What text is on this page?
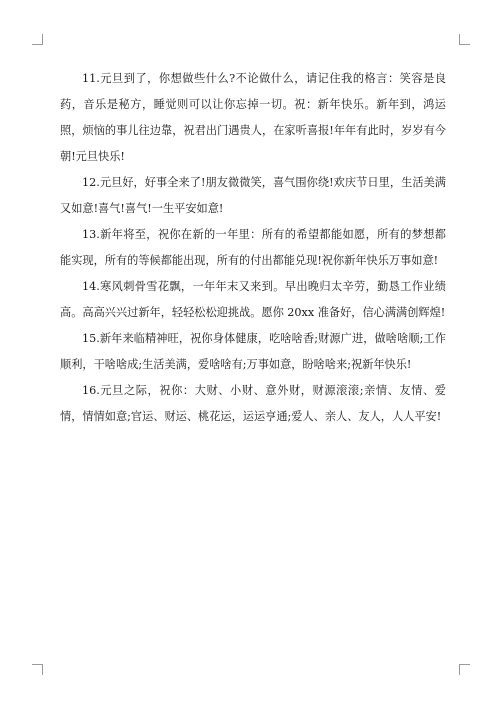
11.元旦到了，你想做些什么?不论做什么，请记住我的格言：笑容是良药，音乐是秘方，睡觉则可以让你忘掉一切。祝：新年快乐。新年到，鸿运照，烦恼的事儿往边靠，祝君出门遇贵人，在家听喜报!年年有此时，岁岁有今朝!元旦快乐!

12.元旦好，好事全来了!朋友微微笑，喜气围你绕!欢庆节日里，生活美满又如意!喜气!喜气!一生平安如意!

13.新年将至，祝你在新的一年里：所有的希望都能如愿，所有的梦想都能实现，所有的等候都能出现，所有的付出都能兑现!祝你新年快乐万事如意!

14.寒风刺骨雪花飘，一年年末又来到。早出晚归太辛劳，勤恳工作业绩高。高高兴兴过新年，轻轻松松迎挑战。愿你 20xx 准备好，信心满满创辉煌!

15.新年来临精神旺，祝你身体健康，吃啥啥香;财源广进，做啥啥顺;工作顺利，干啥啥成;生活美满，爱啥啥有;万事如意，盼啥啥来;祝新年快乐!

16.元旦之际，祝你：大财、小财、意外财，财源滚滚;亲情、友情、爱情，情情如意;官运、财运、桃花运，运运亨通;爱人、亲人、友人，人人平安!
